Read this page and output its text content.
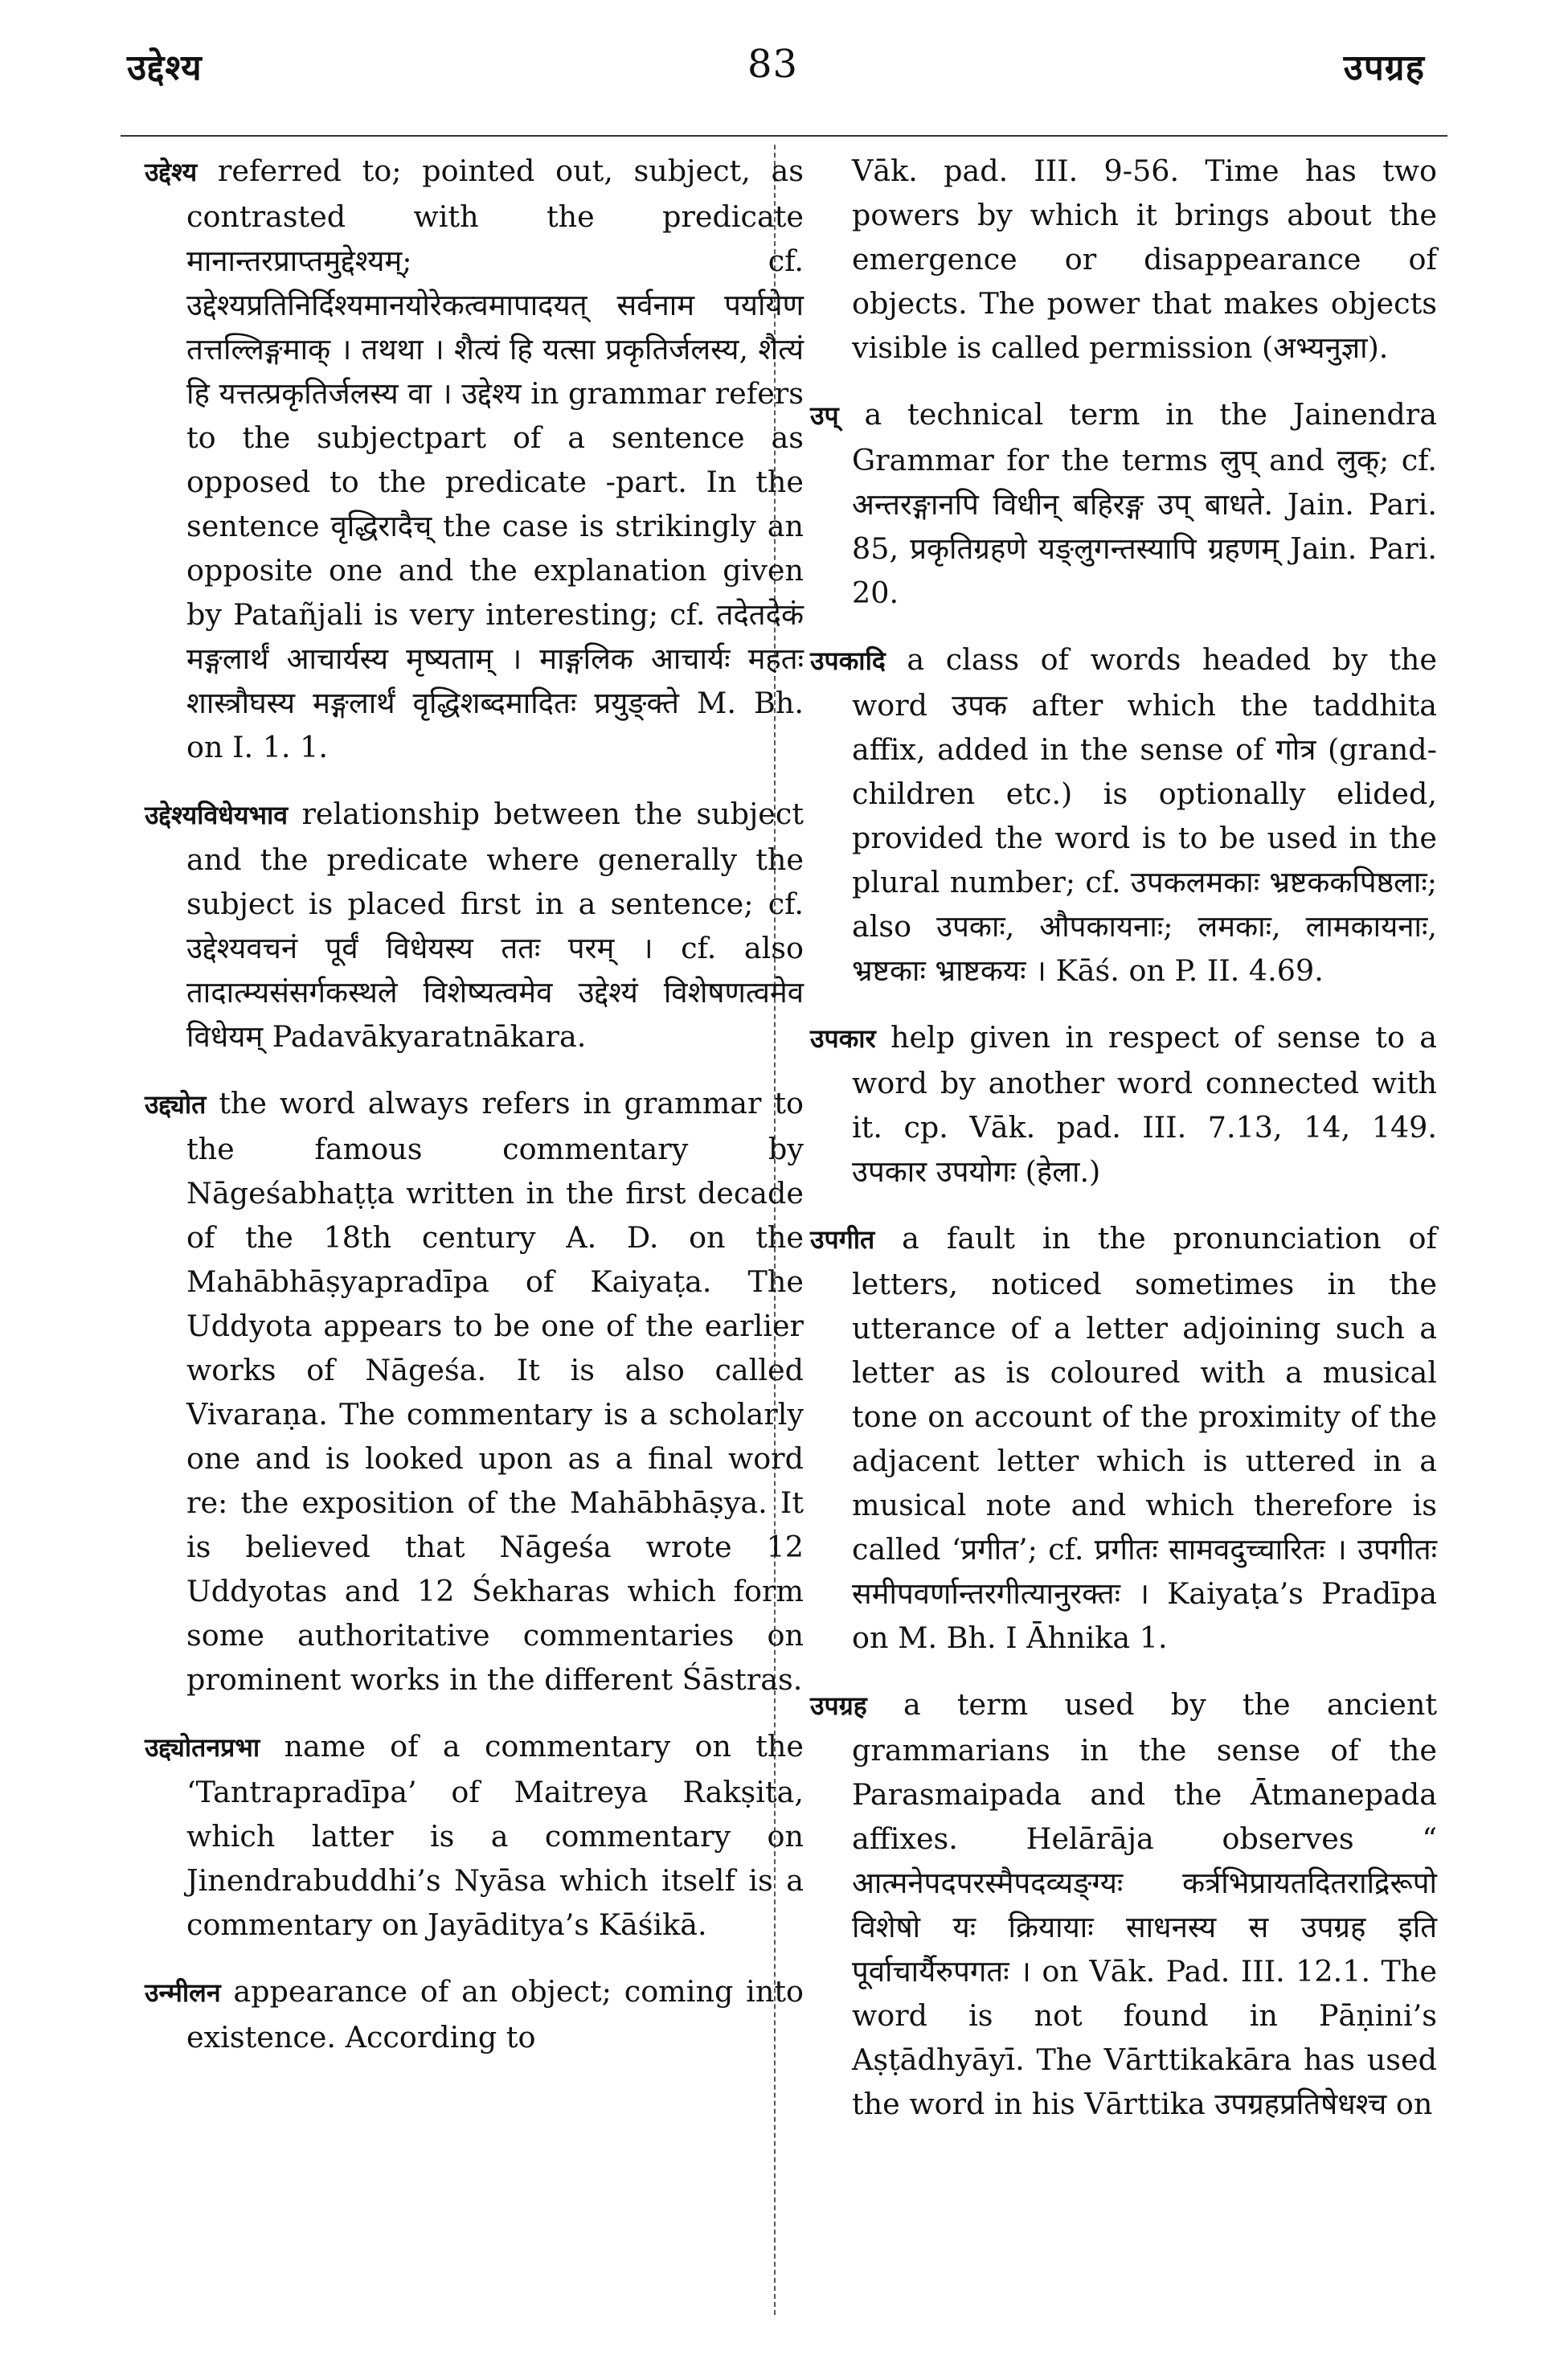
उद्देश्य	83	उपग्रह

उद्देश्य referred to; pointed out, subject, as contrasted with the predicate मानान्तरप्राप्तमुद्देश्यम्; cf. उद्देश्यप्रतिनिर्दिश्यमानयोरेकत्वमापादयत् सर्वनाम पर्यायेण तत्तल्लिङ्गमाक् । तथथा । शैत्यं हि यत्सा प्रकृतिर्जलस्य, शैत्यं हि यत्तत्प्रकृतिर्जलस्य वा । उद्देश्य in grammar refers to the subjectpart of a sentence as opposed to the predicate -part. In the sentence वृद्धिरादैच् the case is strikingly an opposite one and the explanation given by Patañjali is very interesting; cf. तदेतदेकं मङ्गलार्थं आचार्यस्य मृष्यताम् । माङ्गलिक आचार्यः महतः शास्त्रौघस्य मङ्गलार्थं वृद्धिशब्दमादितः प्रयुङ्क्ते M. Bh. on I. 1. 1.

उद्देश्यविधेयभाव relationship between the subject and the predicate where generally the subject is placed first in a sentence; cf. उद्देश्यवचनं पूर्वं विधेयस्य ततः परम् । cf. also तादात्म्यसंसर्गकस्थले विशेष्यत्वमेव उद्देश्यं विशेषणत्वमेव विधेयम् Padavākyaratnākara.

उद्द्योत the word always refers in grammar to the famous commentary by Nāgeśabhaṭṭa written in the first decade of the 18th century A. D. on the Mahābhāṣyapradīpa of Kaiyaṭa. The Uddyota appears to be one of the earlier works of Nāgeśa. It is also called Vivaraṇa. The commentary is a scholarly one and is looked upon as a final word re: the exposition of the Mahābhāṣya. It is believed that Nāgeśa wrote 12 Uddyotas and 12 Śekharas which form some authoritative commentaries on prominent works in the different Śāstras.

उद्द्योतनप्रभा name of a commentary on the ‘Tantrapradīpa’ of Maitreya Rakṣita, which latter is a commentary on Jinendrabuddhi’s Nyāsa which itself is a commentary on Jayāditya’s Kāśikā.

उन्मीलन appearance of an object; coming into existence. According to

Vāk. pad. III. 9-56. Time has two powers by which it brings about the emergence or disappearance of objects. The power that makes objects visible is called permission (अभ्यनुज्ञा).

उप् a technical term in the Jainendra Grammar for the terms लुप् and लुक्; cf. अन्तरङ्गानपि विधीन् बहिरङ्ग उप् बाधते. Jain. Pari. 85, प्रकृतिग्रहणे यङ्लुगन्तस्यापि ग्रहणम् Jain. Pari. 20.

उपकादि a class of words headed by the word उपक after which the taddhita affix, added in the sense of गोत्र (grand-children etc.) is optionally elided, provided the word is to be used in the plural number; cf. उपकलमकाः भ्रष्टककपिष्ठलाः; also उपकाः, औपकायनाः; लमकाः, लामकायनाः, भ्रष्टकाः भ्राष्टकयः । Kāś. on P. II. 4.69.

उपकार help given in respect of sense to a word by another word connected with it. cp. Vāk. pad. III. 7.13, 14, 149. उपकार उपयोगः (हेला.)

उपगीत a fault in the pronunciation of letters, noticed sometimes in the utterance of a letter adjoining such a letter as is coloured with a musical tone on account of the proximity of the adjacent letter which is uttered in a musical note and which therefore is called ‘प्रगीत’; cf. प्रगीतः सामवदुच्चारितः । उपगीतः समीपवर्णान्तरगीत्यानुरक्तः । Kaiyaṭa’s Pradīpa on M. Bh. I Āhnika 1.

उपग्रह a term used by the ancient grammarians in the sense of the Parasmaipada and the Ātmanepada affixes. Helārāja observes “ आत्मनेपदपरस्मैपदव्यङ्ग्यः कर्त्रभिप्रायतदितराद्रिरूपो विशेषो यः क्रियायाः साधनस्य स उपग्रह इति पूर्वाचार्यैरुपगतः । on Vāk. Pad. III. 12.1. The word is not found in Pāṇini’s Aṣṭādhyāyī. The Vārttikakāra has used the word in his Vārttika उपग्रहप्रतिषेधश्च on
